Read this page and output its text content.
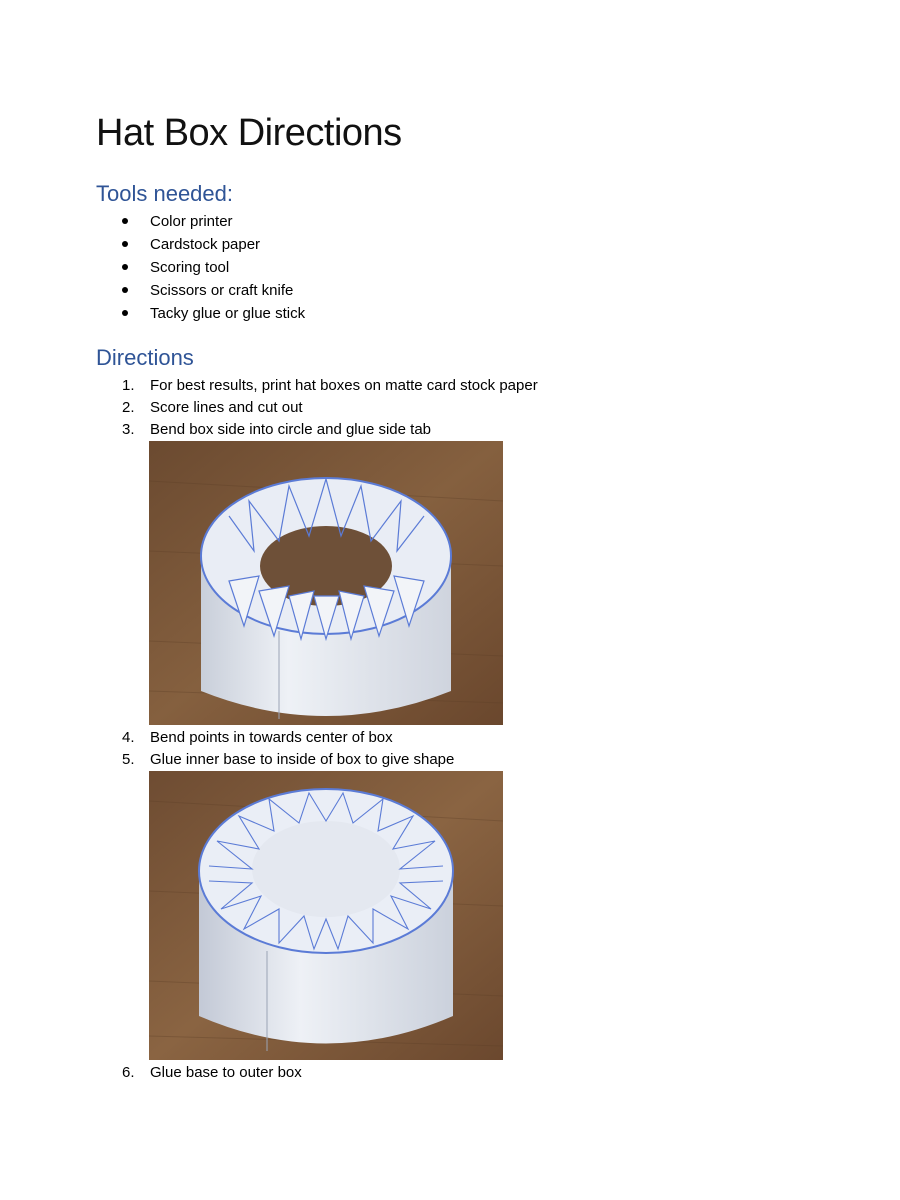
Hat Box Directions
Tools needed:
Color printer
Cardstock paper
Scoring tool
Scissors or craft knife
Tacky glue or glue stick
Directions
1. For best results, print hat boxes on matte card stock paper
2. Score lines and cut out
3. Bend box side into circle and glue side tab
4. Bend points in towards center of box
5. Glue inner base to inside of box to give shape
6. Glue base to outer box
